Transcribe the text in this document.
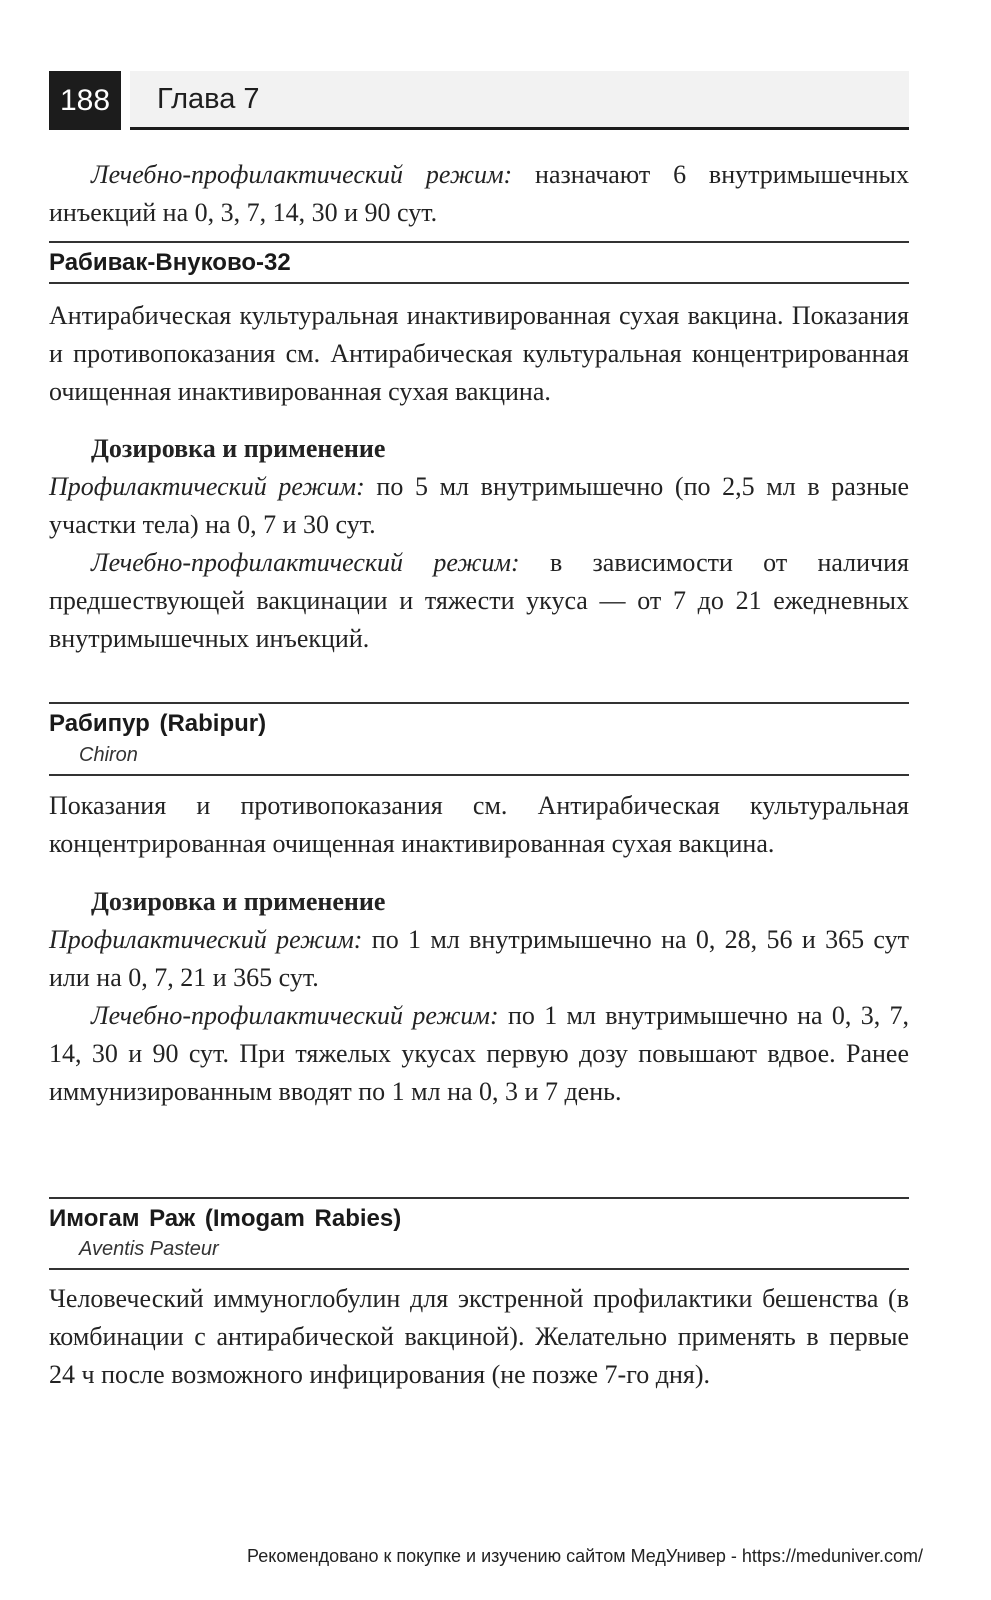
188	Глава 7

Лечебно-профилактический режим: назначают 6 внутримышечных инъекций на 0, 3, 7, 14, 30 и 90 сут.

Рабивак-Внуково-32

Антирабическая культуральная инактивированная сухая вакцина. Показания и противопоказания см. Антирабическая культуральная концентрированная очищенная инактивированная сухая вакцина.

Дозировка и применение

Профилактический режим: по 5 мл внутримышечно (по 2,5 мл в разные участки тела) на 0, 7 и 30 сут.

Лечебно-профилактический режим: в зависимости от наличия предшествующей вакцинации и тяжести укуса — от 7 до 21 ежедневных внутримышечных инъекций.

Рабипур (Rabipur)
Chiron

Показания и противопоказания см. Антирабическая культуральная концентрированная очищенная инактивированная сухая вакцина.

Дозировка и применение

Профилактический режим: по 1 мл внутримышечно на 0, 28, 56 и 365 сут или на 0, 7, 21 и 365 сут.

Лечебно-профилактический режим: по 1 мл внутримышечно на 0, 3, 7, 14, 30 и 90 сут. При тяжелых укусах первую дозу повышают вдвое. Ранее иммунизированным вводят по 1 мл на 0, 3 и 7 день.

Имогам Раж (Imogam Rabies)
Aventis Pasteur

Человеческий иммуноглобулин для экстренной профилактики бешенства (в комбинации с антирабической вакциной). Желательно применять в первые 24 ч после возможного инфицирования (не позже 7-го дня).

Рекомендовано к покупке и изучению сайтом МедУнивер - https://meduniver.com/
